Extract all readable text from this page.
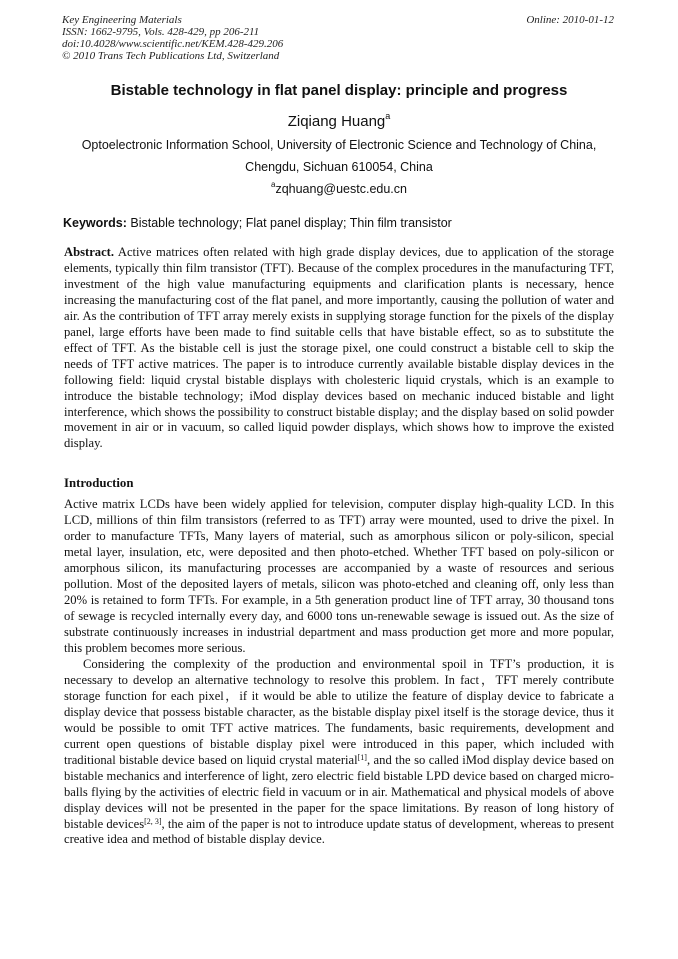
Key Engineering Materials
ISSN: 1662-9795, Vols. 428-429, pp 206-211
doi:10.4028/www.scientific.net/KEM.428-429.206
© 2010 Trans Tech Publications Ltd, Switzerland
Online: 2010-01-12
Bistable technology in flat panel display: principle and progress
Ziqiang Huang$^a$
Optoelectronic Information School, University of Electronic Science and Technology of China,
Chengdu, Sichuan 610054, China
$^a$zqhuang@uestc.edu.cn
Keywords: Bistable technology; Flat panel display; Thin film transistor
Abstract. Active matrices often related with high grade display devices, due to application of the storage elements, typically thin film transistor (TFT). Because of the complex procedures in the manufacturing TFT, investment of the high value manufacturing equipments and clarification plants is necessary, hence increasing the manufacturing cost of the flat panel, and more importantly, causing the pollution of water and air. As the contribution of TFT array merely exists in supplying storage function for the pixels of the display panel, large efforts have been made to find suitable cells that have bistable effect, so as to substitute the effect of TFT. As the bistable cell is just the storage pixel, one could construct a bistable cell to skip the needs of TFT active matrices. The paper is to introduce currently available bistable display devices in the following field: liquid crystal bistable displays with cholesteric liquid crystals, which is an example to introduce the bistable technology; iMod display devices based on mechanic induced bistable and light interference, which shows the possibility to construct bistable display; and the display based on solid powder movement in air or in vacuum, so called liquid powder displays, which shows how to improve the existed display.
Introduction
Active matrix LCDs have been widely applied for television, computer display high-quality LCD. In this LCD, millions of thin film transistors (referred to as TFT) array were mounted, used to drive the pixel. In order to manufacture TFTs, Many layers of material, such as amorphous silicon or poly-silicon, special metal layer, insulation, etc, were deposited and then photo-etched. Whether TFT based on poly-silicon or amorphous silicon, its manufacturing processes are accompanied by a waste of resources and serious pollution. Most of the deposited layers of metals, silicon was photo-etched and cleaning off, only less than 20% is retained to form TFTs. For example, in a 5th generation product line of TFT array, 30 thousand tons of sewage is recycled internally every day, and 6000 tons un-renewable sewage is issued out. As the size of substrate continuously increases in industrial department and mass production get more and more popular, this problem becomes more serious.
Considering the complexity of the production and environmental spoil in TFT’s production, it is necessary to develop an alternative technology to resolve this problem. In fact，TFT merely contribute storage function for each pixel，if it would be able to utilize the feature of display device to fabricate a display device that possess bistable character, as the bistable display pixel itself is the storage device, thus it would be possible to omit TFT active matrices. The fundaments, basic requirements, development and current open questions of bistable display pixel were introduced in this paper, which included with traditional bistable device based on liquid crystal material[1], and the so called iMod display device based on bistable mechanics and interference of light, zero electric field bistable LPD device based on charged micro-balls flying by the activities of electric field in vacuum or in air. Mathematical and physical models of above display devices will not be presented in the paper for the space limitations. By reason of long history of bistable devices[2, 3], the aim of the paper is not to introduce update status of development, whereas to present creative idea and method of bistable display device.
